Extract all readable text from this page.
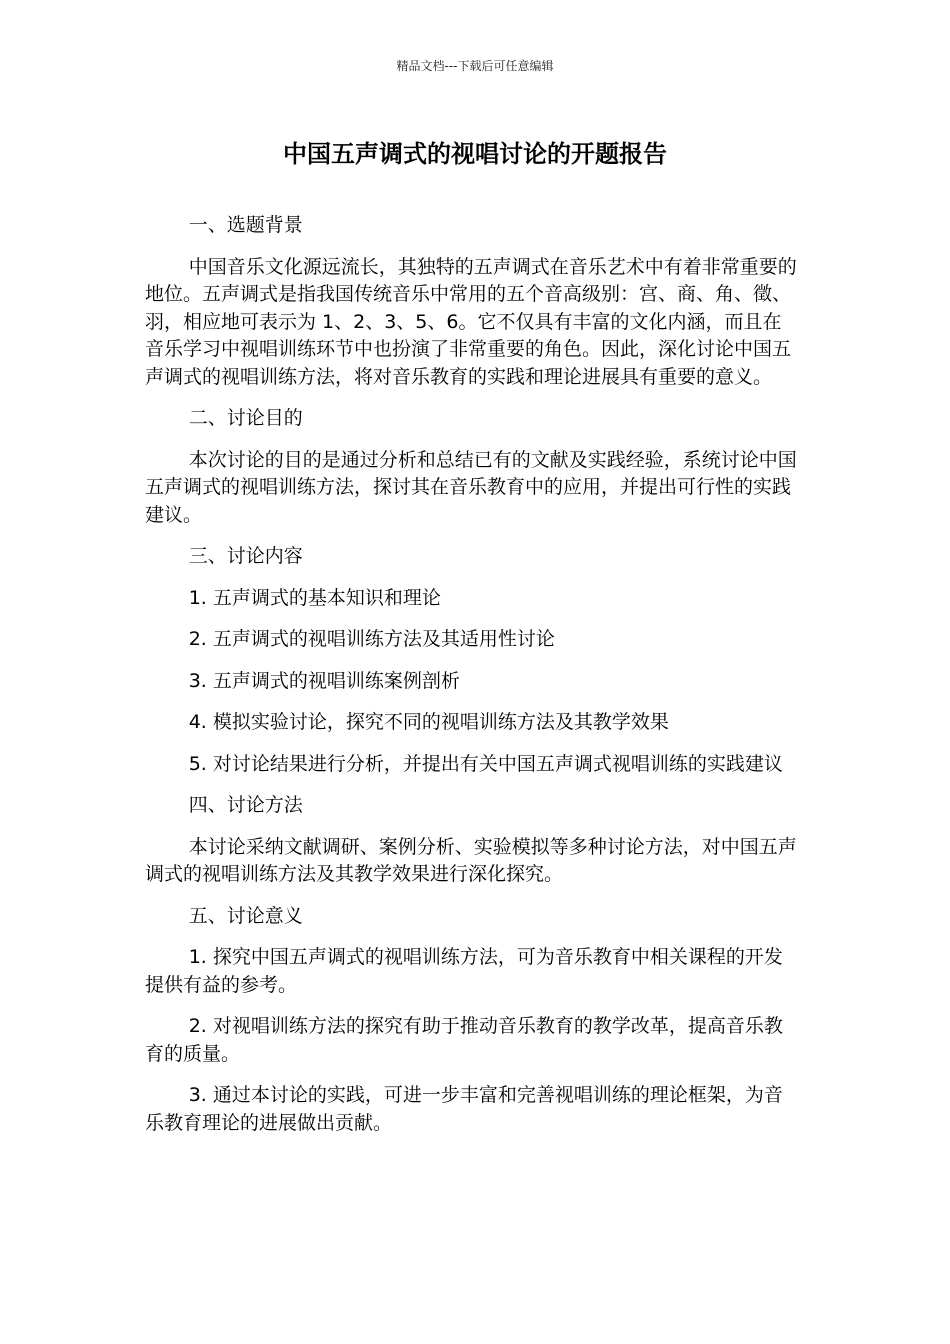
精品文档---下载后可任意编辑
中国五声调式的视唱讨论的开题报告

一、选题背景

中国音乐文化源远流长，其独特的五声调式在音乐艺术中有着非常重要的地位。五声调式是指我国传统音乐中常用的五个音高级别：宫、商、角、徵、羽，相应地可表示为 1、2、3、5、6。它不仅具有丰富的文化内涵，而且在音乐学习中视唱训练环节中也扮演了非常重要的角色。因此，深化讨论中国五声调式的视唱训练方法，将对音乐教育的实践和理论进展具有重要的意义。

二、讨论目的

本次讨论的目的是通过分析和总结已有的文献及实践经验，系统讨论中国五声调式的视唱训练方法，探讨其在音乐教育中的应用，并提出可行性的实践建议。

三、讨论内容

1. 五声调式的基本知识和理论

2. 五声调式的视唱训练方法及其适用性讨论

3. 五声调式的视唱训练案例剖析

4. 模拟实验讨论，探究不同的视唱训练方法及其教学效果

5. 对讨论结果进行分析，并提出有关中国五声调式视唱训练的实践建议

四、讨论方法

本讨论采纳文献调研、案例分析、实验模拟等多种讨论方法，对中国五声调式的视唱训练方法及其教学效果进行深化探究。

五、讨论意义

1. 探究中国五声调式的视唱训练方法，可为音乐教育中相关课程的开发提供有益的参考。

2. 对视唱训练方法的探究有助于推动音乐教育的教学改革，提高音乐教育的质量。

3. 通过本讨论的实践，可进一步丰富和完善视唱训练的理论框架，为音乐教育理论的进展做出贡献。
